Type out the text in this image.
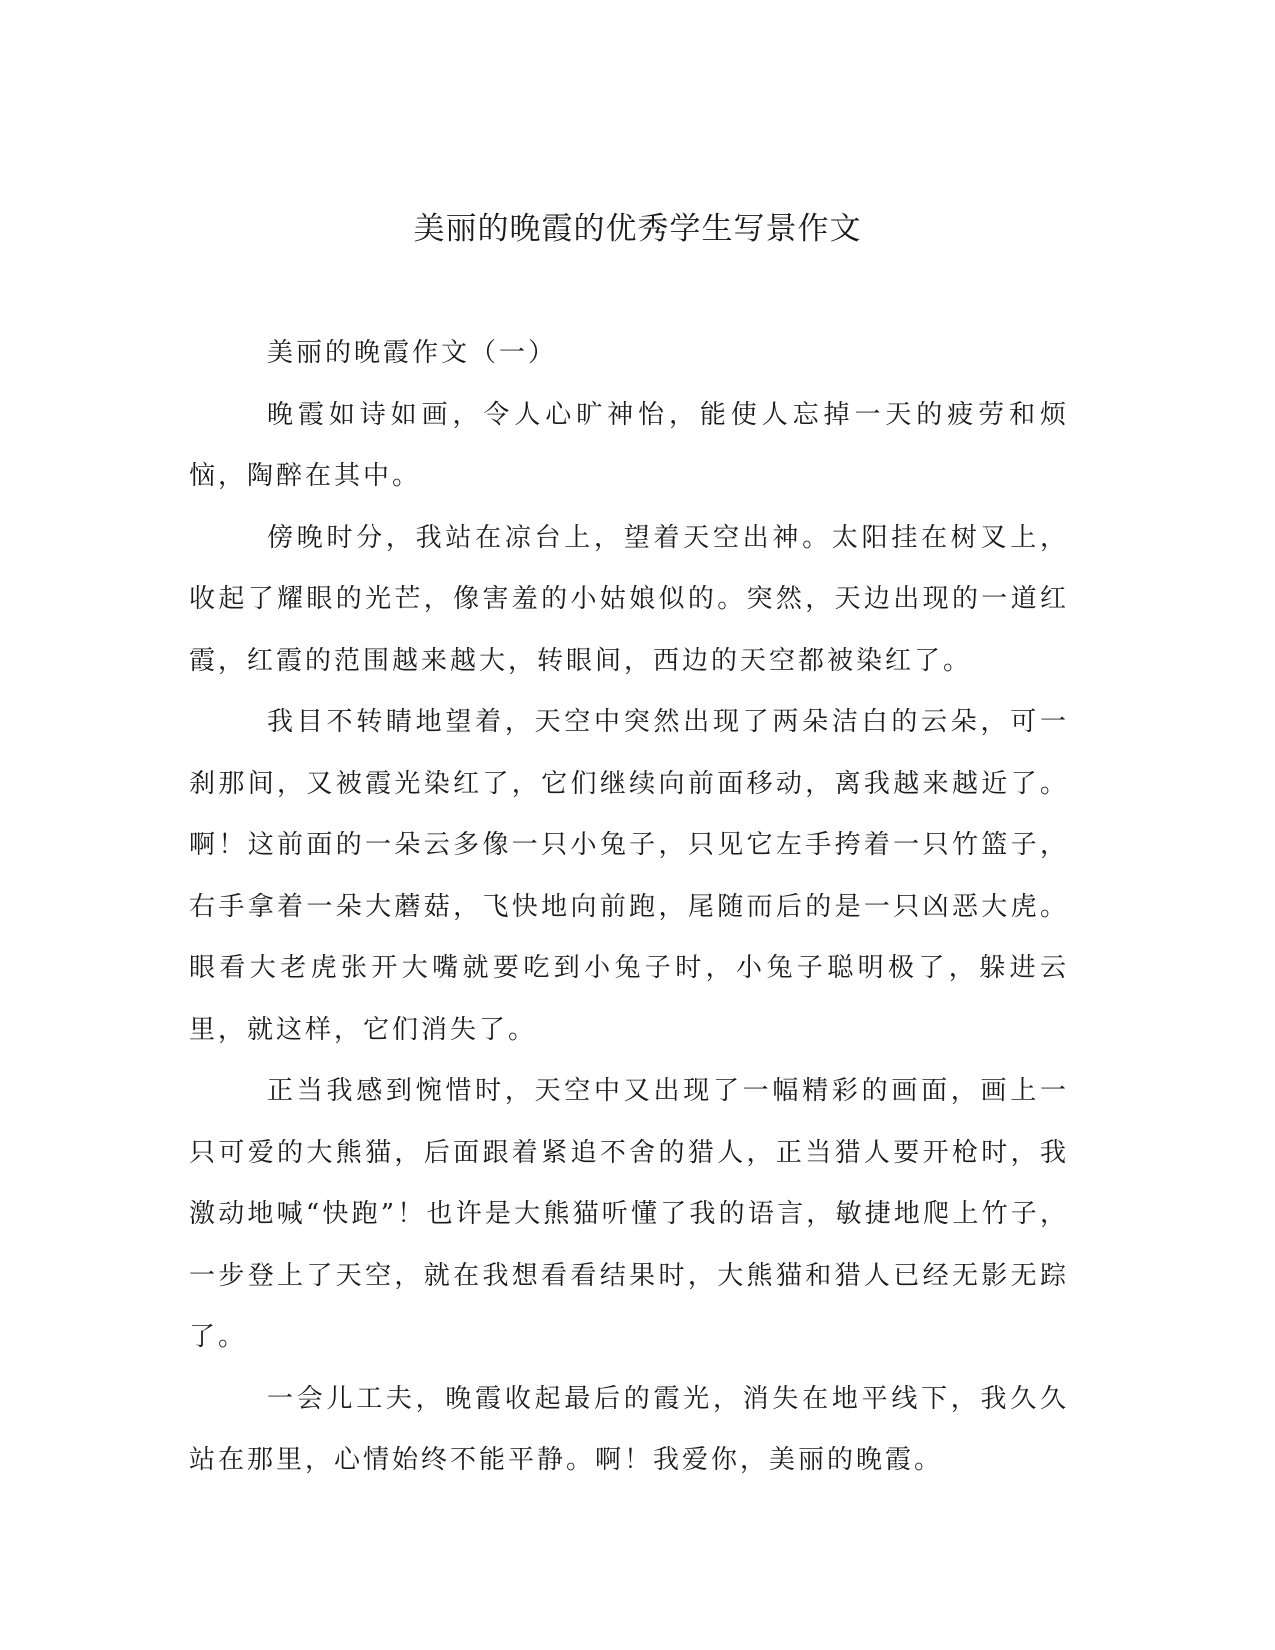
美丽的晚霞的优秀学生写景作文

美丽的晚霞作文（一）

晚霞如诗如画，令人心旷神怡，能使人忘掉一天的疲劳和烦恼，陶醉在其中。

傍晚时分，我站在凉台上，望着天空出神。太阳挂在树叉上，收起了耀眼的光芒，像害羞的小姑娘似的。突然，天边出现的一道红霞，红霞的范围越来越大，转眼间，西边的天空都被染红了。

我目不转睛地望着，天空中突然出现了两朵洁白的云朵，可一刹那间，又被霞光染红了，它们继续向前面移动，离我越来越近了。啊！这前面的一朵云多像一只小兔子，只见它左手挎着一只竹篮子，右手拿着一朵大蘑菇，飞快地向前跑，尾随而后的是一只凶恶大虎。眼看大老虎张开大嘴就要吃到小兔子时，小兔子聪明极了，躲进云里，就这样，它们消失了。

正当我感到惋惜时，天空中又出现了一幅精彩的画面，画上一只可爱的大熊猫，后面跟着紧追不舍的猎人，正当猎人要开枪时，我激动地喊“快跑”！也许是大熊猫听懂了我的语言，敏捷地爬上竹子，一步登上了天空，就在我想看看结果时，大熊猫和猎人已经无影无踪了。

一会儿工夫，晚霞收起最后的霞光，消失在地平线下，我久久站在那里，心情始终不能平静。啊！我爱你，美丽的晚霞。
